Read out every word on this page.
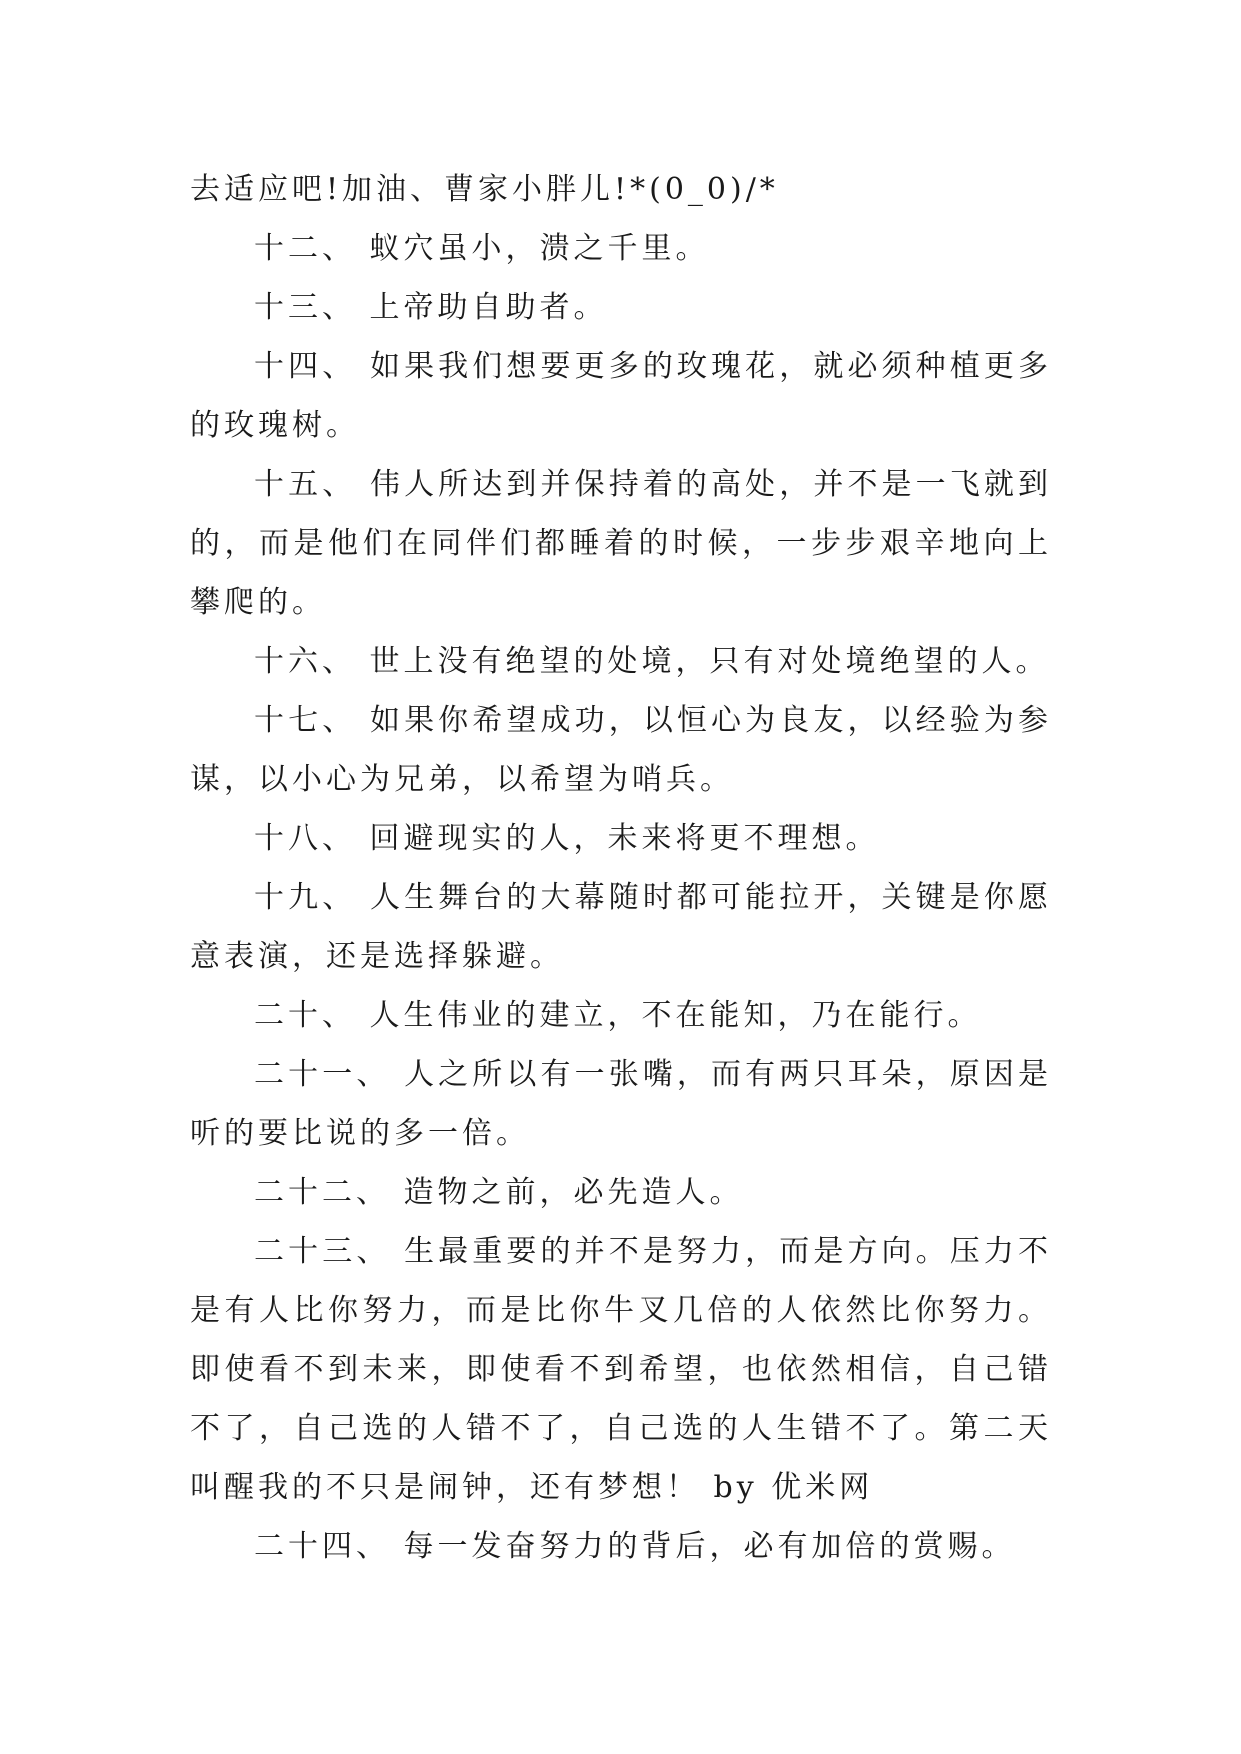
去适应吧!加油、曹家小胖儿!*(0_0)/*

十二、 蚁穴虽小，溃之千里。

十三、 上帝助自助者。

十四、 如果我们想要更多的玫瑰花，就必须种植更多的玫瑰树。

十五、 伟人所达到并保持着的高处，并不是一飞就到的，而是他们在同伴们都睡着的时候，一步步艰辛地向上攀爬的。

十六、 世上没有绝望的处境，只有对处境绝望的人。

十七、 如果你希望成功，以恒心为良友，以经验为参谋，以小心为兄弟，以希望为哨兵。

十八、 回避现实的人，未来将更不理想。

十九、 人生舞台的大幕随时都可能拉开，关键是你愿意表演，还是选择躲避。

二十、 人生伟业的建立，不在能知，乃在能行。

二十一、 人之所以有一张嘴，而有两只耳朵，原因是听的要比说的多一倍。

二十二、 造物之前，必先造人。

二十三、 生最重要的并不是努力，而是方向。压力不是有人比你努力，而是比你牛叉几倍的人依然比你努力。即使看不到未来，即使看不到希望，也依然相信，自己错不了，自己选的人错不了，自己选的人生错不了。第二天叫醒我的不只是闹钟，还有梦想！ by 优米网

二十四、 每一发奋努力的背后，必有加倍的赏赐。
